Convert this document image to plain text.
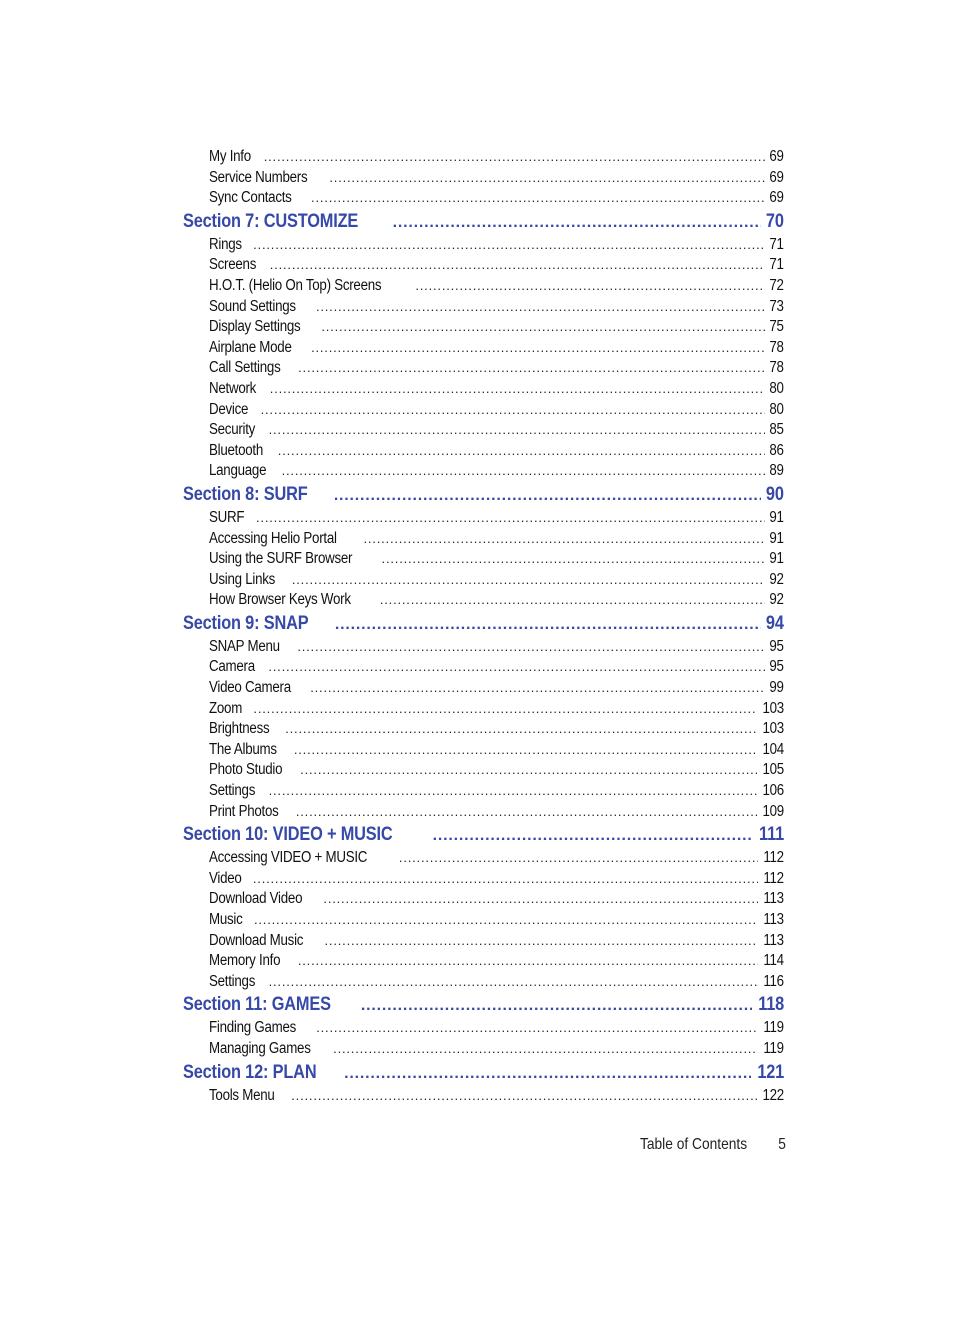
My Info .....	69
Service Numbers .....	69
Sync Contacts .....	69
Section 7: CUSTOMIZE .....	70
Rings .....	71
Screens .....	71
H.O.T. (Helio On Top) Screens .....	72
Sound Settings .....	73
Display Settings .....	75
Airplane Mode .....	78
Call Settings .....	78
Network .....	80
Device .....	80
Security .....	85
Bluetooth .....	86
Language .....	89
Section 8: SURF .....	90
SURF .....	91
Accessing Helio Portal .....	91
Using the SURF Browser .....	91
Using Links .....	92
How Browser Keys Work .....	92
Section 9: SNAP .....	94
SNAP Menu .....	95
Camera .....	95
Video Camera .....	99
Zoom .....	103
Brightness .....	103
The Albums .....	104
Photo Studio .....	105
Settings .....	106
Print Photos .....	109
Section 10: VIDEO + MUSIC .....	111
Accessing VIDEO + MUSIC .....	112
Video .....	112
Download Video .....	113
Music .....	113
Download Music .....	113
Memory Info .....	114
Settings .....	116
Section 11: GAMES .....	118
Finding Games .....	119
Managing Games .....	119
Section 12: PLAN .....	121
Tools Menu .....	122
Table of Contents 5
